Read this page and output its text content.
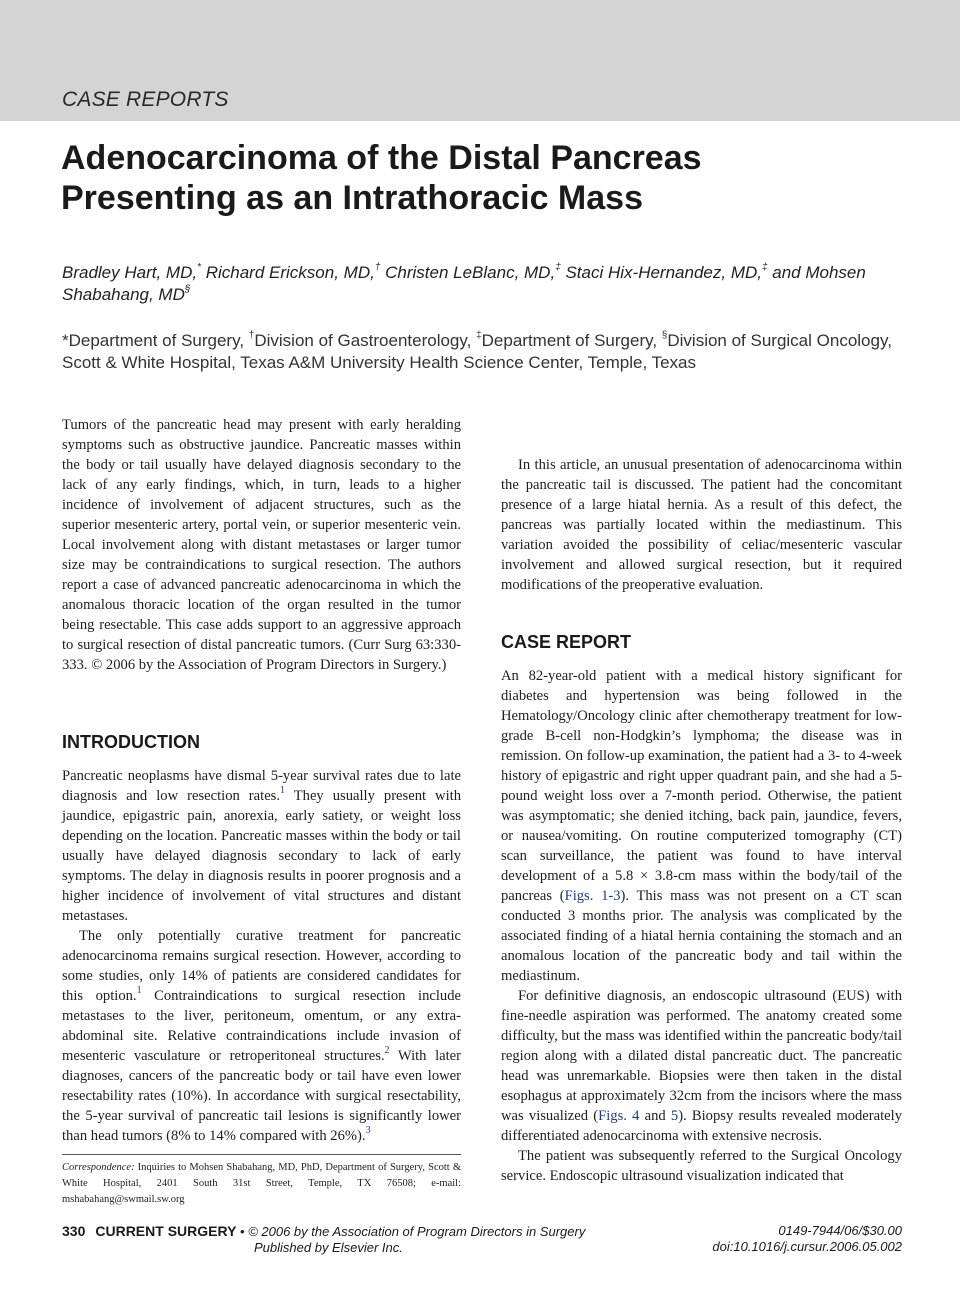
CASE REPORTS
Adenocarcinoma of the Distal Pancreas
Presenting as an Intrathoracic Mass

Bradley Hart, MD,* Richard Erickson, MD,† Christen LeBlanc, MD,‡ Staci Hix-Hernandez, MD,‡ and Mohsen Shabahang, MD§

*Department of Surgery, †Division of Gastroenterology, ‡Department of Surgery, §Division of Surgical Oncology, Scott & White Hospital, Texas A&M University Health Science Center, Temple, Texas

Tumors of the pancreatic head may present with early heralding symptoms such as obstructive jaundice. Pancreatic masses within the body or tail usually have delayed diagnosis secondary to the lack of any early findings, which, in turn, leads to a higher incidence of involvement of adjacent structures, such as the superior mesenteric artery, portal vein, or superior mesenteric vein. Local involvement along with distant metastases or larger tumor size may be contraindications to surgical resection. The authors report a case of advanced pancreatic adenocarcinoma in which the anomalous thoracic location of the organ resulted in the tumor being resectable. This case adds support to an aggressive approach to surgical resection of distal pancreatic tumors. (Curr Surg 63:330-333. © 2006 by the Association of Program Directors in Surgery.)

INTRODUCTION

Pancreatic neoplasms have dismal 5-year survival rates due to late diagnosis and low resection rates.$^1$ They usually present with jaundice, epigastric pain, anorexia, early satiety, or weight loss depending on the location. Pancreatic masses within the body or tail usually have delayed diagnosis secondary to lack of early symptoms. The delay in diagnosis results in poorer prognosis and a higher incidence of involvement of vital structures and distant metastases.

The only potentially curative treatment for pancreatic adenocarcinoma remains surgical resection. However, according to some studies, only 14% of patients are considered candidates for this option.$^1$ Contraindications to surgical resection include metastases to the liver, peritoneum, omentum, or any extra-abdominal site. Relative contraindications include invasion of mesenteric vasculature or retroperitoneal structures.$^2$ With later diagnoses, cancers of the pancreatic body or tail have even lower resectability rates (10%). In accordance with surgical resectability, the 5-year survival of pancreatic tail lesions is significantly lower than head tumors (8% to 14% compared with 26%).$^3$

In this article, an unusual presentation of adenocarcinoma within the pancreatic tail is discussed. The patient had the concomitant presence of a large hiatal hernia. As a result of this defect, the pancreas was partially located within the mediastinum. This variation avoided the possibility of celiac/mesenteric vascular involvement and allowed surgical resection, but it required modifications of the preoperative evaluation.

CASE REPORT

An 82-year-old patient with a medical history significant for diabetes and hypertension was being followed in the Hematology/Oncology clinic after chemotherapy treatment for low-grade B-cell non-Hodgkin’s lymphoma; the disease was in remission. On follow-up examination, the patient had a 3- to 4-week history of epigastric and right upper quadrant pain, and she had a 5-pound weight loss over a 7-month period. Otherwise, the patient was asymptomatic; she denied itching, back pain, jaundice, fevers, or nausea/vomiting. On routine computerized tomography (CT) scan surveillance, the patient was found to have interval development of a 5.8 × 3.8-cm mass within the body/tail of the pancreas (Figs. 1-3). This mass was not present on a CT scan conducted 3 months prior. The analysis was complicated by the associated finding of a hiatal hernia containing the stomach and an anomalous location of the pancreatic body and tail within the mediastinum.

For definitive diagnosis, an endoscopic ultrasound (EUS) with fine-needle aspiration was performed. The anatomy created some difficulty, but the mass was identified within the pancreatic body/tail region along with a dilated distal pancreatic duct. The pancreatic head was unremarkable. Biopsies were then taken in the distal esophagus at approximately 32cm from the incisors where the mass was visualized (Figs. 4 and 5). Biopsy results revealed moderately differentiated adenocarcinoma with extensive necrosis.

The patient was subsequently referred to the Surgical Oncology service. Endoscopic ultrasound visualization indicated that

Correspondence: Inquiries to Mohsen Shabahang, MD, PhD, Department of Surgery, Scott & White Hospital, 2401 South 31st Street, Temple, TX 76508; e-mail: mshabahang@swmail.sw.org

330 CURRENT SURGERY • © 2006 by the Association of Program Directors in Surgery
Published by Elsevier Inc.
0149-7944/06/$30.00
doi:10.1016/j.cursur.2006.05.002
